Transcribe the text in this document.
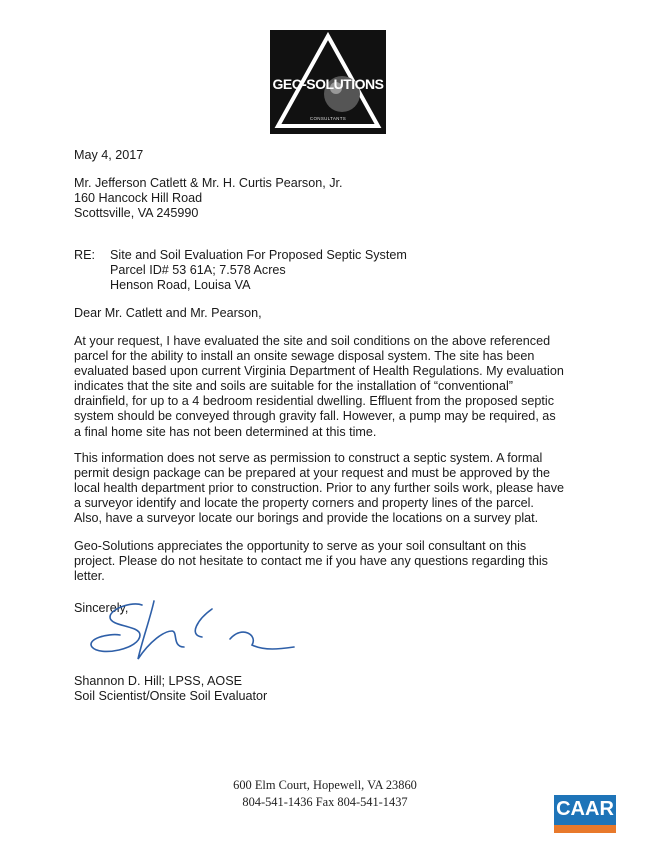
GEO-SOLUTIONS
CONSULTANTS
May 4, 2017
Mr. Jefferson Catlett & Mr. H. Curtis Pearson, Jr.
160 Hancock Hill Road
Scottsville, VA 245990
RE: Site and Soil Evaluation For Proposed Septic System
Parcel ID# 53 61A; 7.578 Acres
Henson Road, Louisa VA
Dear Mr. Catlett and Mr. Pearson,
At your request, I have evaluated the site and soil conditions on the above referenced
parcel for the ability to install an onsite sewage disposal system. The site has been
evaluated based upon current Virginia Department of Health Regulations. My evaluation
indicates that the site and soils are suitable for the installation of “conventional”
drainfield, for up to a 4 bedroom residential dwelling. Effluent from the proposed septic
system should be conveyed through gravity fall. However, a pump may be required, as
a final home site has not been determined at this time.
This information does not serve as permission to construct a septic system. A formal
permit design package can be prepared at your request and must be approved by the
local health department prior to construction. Prior to any further soils work, please have
a surveyor identify and locate the property corners and property lines of the parcel.
Also, have a surveyor locate our borings and provide the locations on a survey plat.
Geo-Solutions appreciates the opportunity to serve as your soil consultant on this
project. Please do not hesitate to contact me if you have any questions regarding this
letter.
Sincerely,
Shannon D. Hill; LPSS, AOSE
Soil Scientist/Onsite Soil Evaluator
600 Elm Court, Hopewell, VA 23860
804-541-1436 Fax 804-541-1437	CAAR
